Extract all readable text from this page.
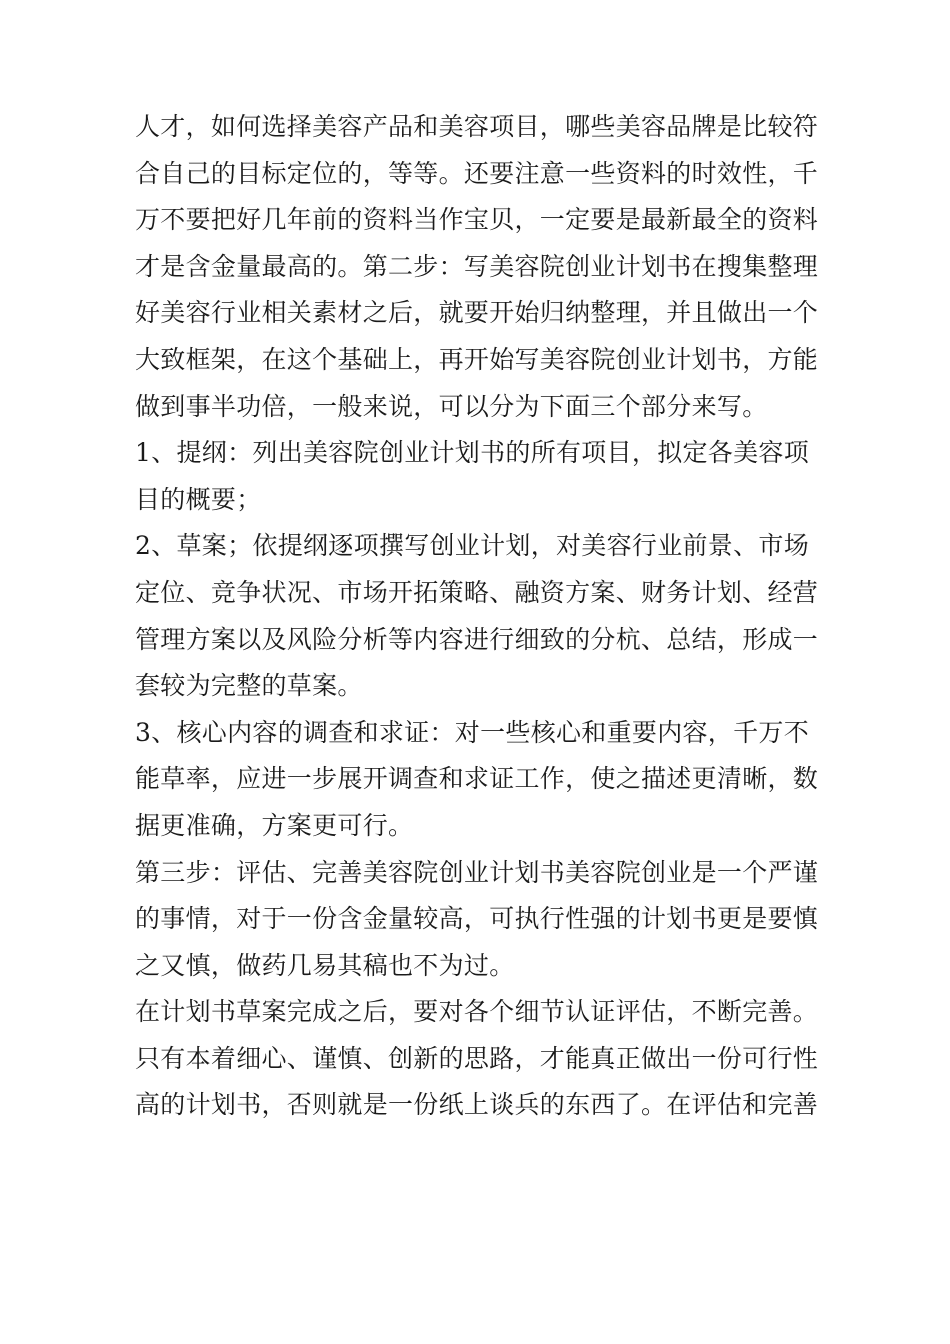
人才，如何选择美容产品和美容项目，哪些美容品牌是比较符
合自己的目标定位的，等等。还要注意一些资料的时效性，千
万不要把好几年前的资料当作宝贝，一定要是最新最全的资料
才是含金量最高的。第二步：写美容院创业计划书在搜集整理
好美容行业相关素材之后，就要开始归纳整理，并且做出一个
大致框架，在这个基础上，再开始写美容院创业计划书，方能
做到事半功倍，一般来说，可以分为下面三个部分来写。
1、提纲：列出美容院创业计划书的所有项目，拟定各美容项
目的概要；
2、草案；依提纲逐项撰写创业计划，对美容行业前景、市场
定位、竞争状况、市场开拓策略、融资方案、财务计划、经营
管理方案以及风险分析等内容进行细致的分杭、总结，形成一
套较为完整的草案。
3、核心内容的调查和求证：对一些核心和重要内容，千万不
能草率，应进一步展开调查和求证工作，使之描述更清晰，数
据更准确，方案更可行。
第三步：评估、完善美容院创业计划书美容院创业是一个严谨
的事情，对于一份含金量较高，可执行性强的计划书更是要慎
之又慎，做药几易其稿也不为过。
在计划书草案完成之后，要对各个细节认证评估，不断完善。
只有本着细心、谨慎、创新的思路，才能真正做出一份可行性
高的计划书，否则就是一份纸上谈兵的东西了。在评估和完善
